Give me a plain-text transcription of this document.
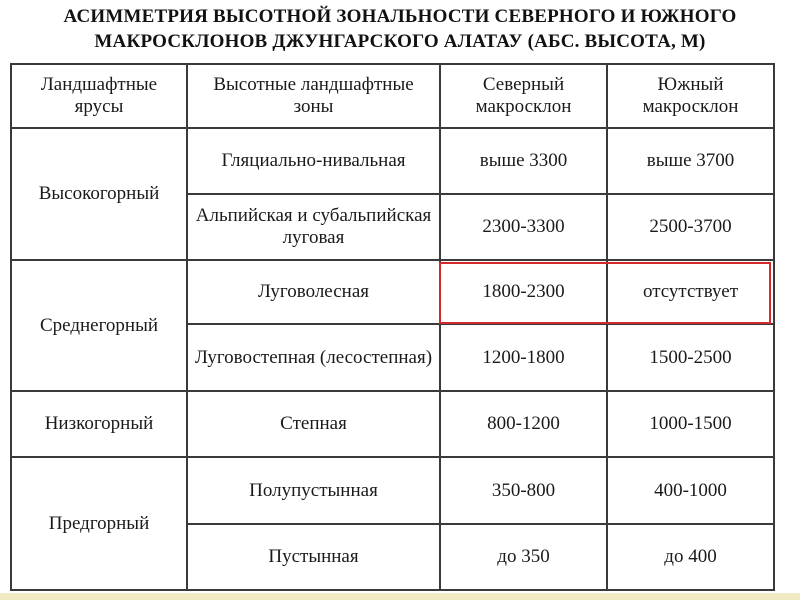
АСИММЕТРИЯ ВЫСОТНОЙ ЗОНАЛЬНОСТИ СЕВЕРНОГО И ЮЖНОГО
МАКРОСКЛОНОВ ДЖУНГАРСКОГО АЛАТАУ (АБС. ВЫСОТА, М)
Ландшафтные ярусы	Высотные ландшафтные зоны	Северный макросклон	Южный макросклон
Высокогорный	Гляциально-нивальная	выше 3300	выше 3700
	Альпийская и субальпийская луговая	2300-3300	2500-3700
Среднегорный	Луговолесная	1800-2300	отсутствует
	Луговостепная (лесостепная)	1200-1800	1500-2500
Низкогорный	Степная	800-1200	1000-1500
Предгорный	Полупустынная	350-800	400-1000
	Пустынная	до 350	до 400
